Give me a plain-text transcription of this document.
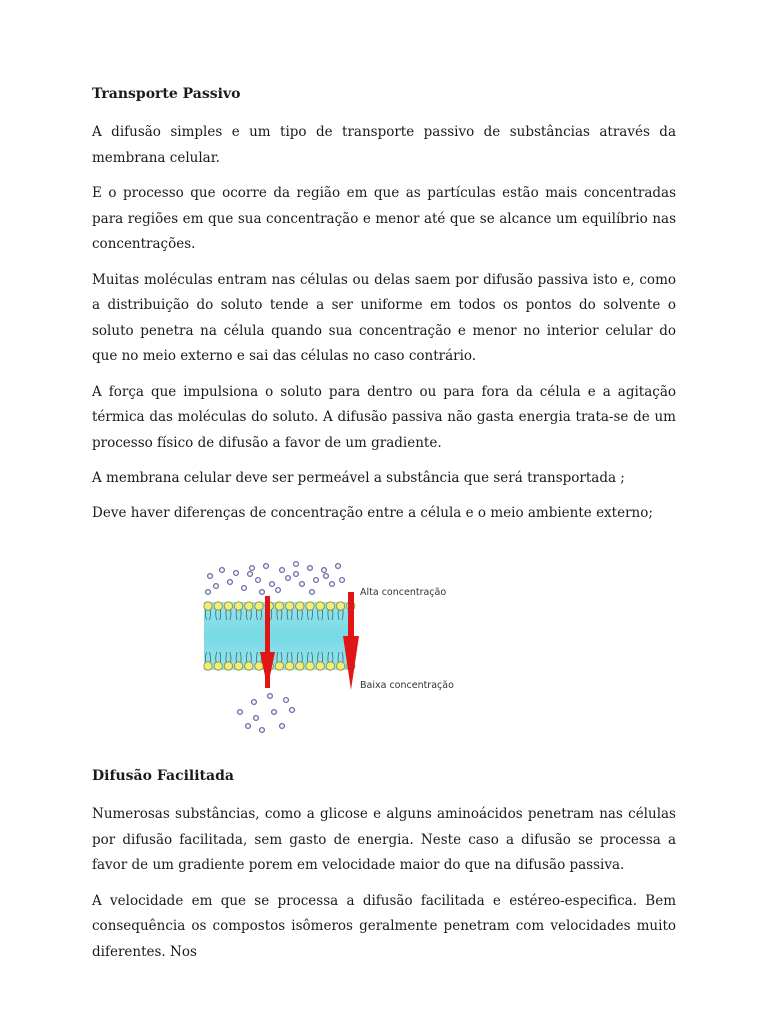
Transporte Passivo

A difusão simples e um tipo de transporte passivo de substâncias através da membrana celular.

E o processo que ocorre da região em que as partículas estão mais concentradas para regiões em que sua concentração e menor até que se alcance um equilíbrio nas concentrações.

Muitas moléculas entram nas células ou delas saem por difusão passiva isto e, como a distribuição do soluto tende a ser uniforme em todos os pontos do solvente o soluto penetra na célula quando sua concentração e menor no interior celular do que no meio externo e sai das células no caso contrário.

A força que impulsiona o soluto para dentro ou para fora da célula e a agitação térmica das moléculas do soluto. A difusão passiva não gasta energia trata-se de um processo físico de difusão a favor de um gradiente.

A membrana celular deve ser permeável a substância que será transportada ;

Deve haver diferenças de concentração entre a célula e o meio ambiente externo;

Alta concentração
Baixa concentração
Difusão Facilitada

Numerosas substâncias, como a glicose e alguns aminoácidos penetram nas células por difusão facilitada, sem gasto de energia. Neste caso a difusão se processa a favor de um gradiente porem em velocidade maior do que na difusão passiva.

A velocidade em que se processa a difusão facilitada e estéreo-especifica. Bem consequência os compostos isômeros geralmente penetram com velocidades muito diferentes. Nos
